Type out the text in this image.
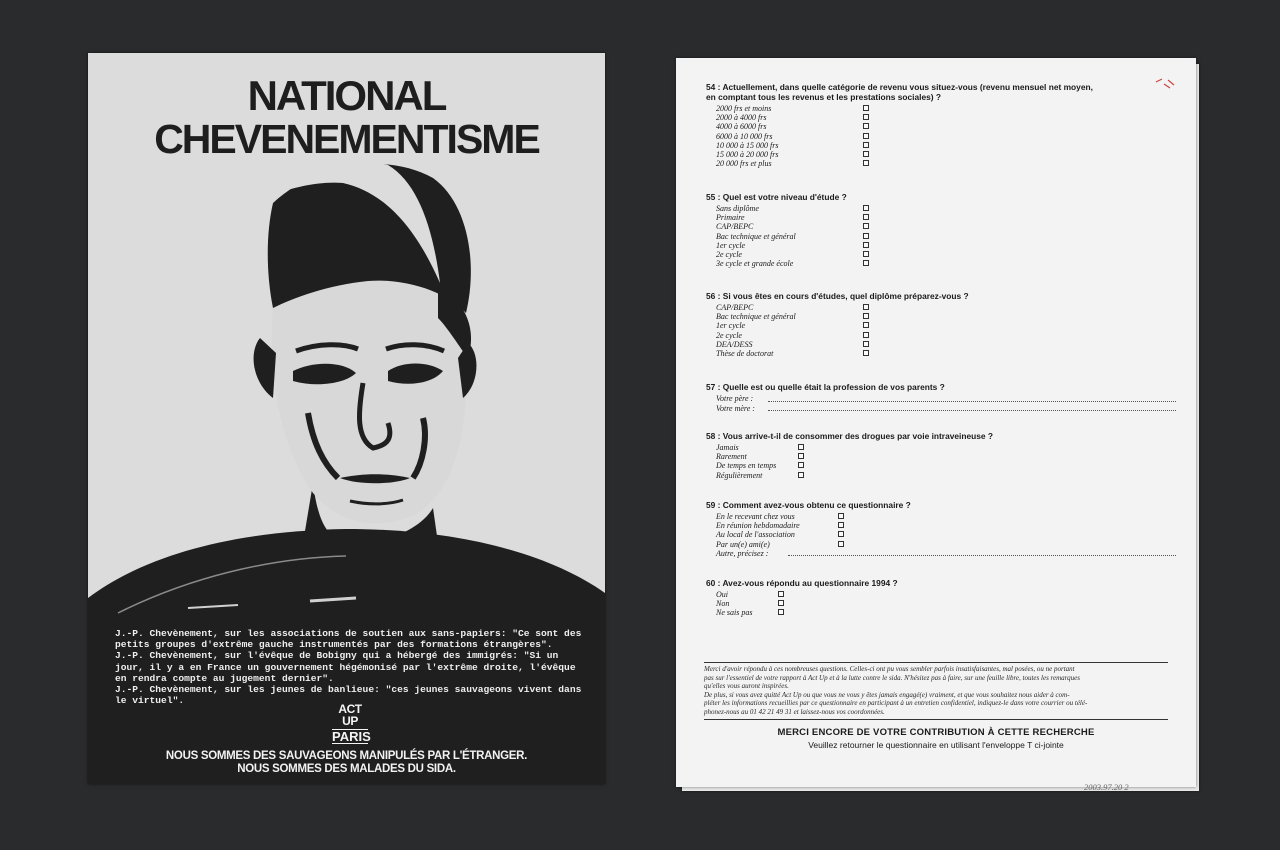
NATIONAL
CHEVENEMENTISME
J.-P. Chevènement, sur les associations de soutien aux sans-papiers: "Ce sont des petits groupes d'extrême gauche instrumentés par des formations étrangères".
J.-P. Chevènement, sur l'évêque de Bobigny qui a hébergé des immigrés: "Si un jour, il y a en France un gouvernement hégémonisé par l'extrême droite, l'évêque en rendra compte au jugement dernier".
J.-P. Chevènement, sur les jeunes de banlieue: "ces jeunes sauvageons vivent dans le virtuel".
ACT UP
PARIS
NOUS SOMMES DES SAUVAGEONS MANIPULÉS PAR L'ÉTRANGER.
NOUS SOMMES DES MALADES DU SIDA.
54 : Actuellement, dans quelle catégorie de revenu vous situez-vous (revenu mensuel net moyen,
en comptant tous les revenus et les prestations sociales) ?
2000 frs et moins
2000 à 4000 frs
4000 à 6000 frs
6000 à 10 000 frs
10 000 à 15 000 frs
15 000 à 20 000 frs
20 000 frs et plus
55 : Quel est votre niveau d'étude ?
Sans diplôme
Primaire
CAP/BEPC
Bac technique et général
1er cycle
2e cycle
3e cycle et grande école
56 : Si vous êtes en cours d'études, quel diplôme préparez-vous ?
CAP/BEPC
Bac technique et général
1er cycle
2e cycle
DEA/DESS
Thèse de doctorat
57 : Quelle est ou quelle était la profession de vos parents ?
Votre père :
Votre mère :
58 : Vous arrive-t-il de consommer des drogues par voie intraveineuse ?
Jamais
Rarement
De temps en temps
Régulièrement
59 : Comment avez-vous obtenu ce questionnaire ?
En le recevant chez vous
En réunion hebdomadaire
Au local de l'association
Par un(e) ami(e)
Autre, précisez :
60 : Avez-vous répondu au questionnaire 1994 ?
Oui
Non
Ne sais pas
Merci d'avoir répondu à ces nombreuses questions. Celles-ci ont pu vous sembler parfois insatisfaisantes, mal posées, ou ne portant
pas sur l'essentiel de votre rapport à Act Up et à la lutte contre le sida. N'hésitez pas à faire, sur une feuille libre, toutes les remarques
qu'elles vous auront inspirées.
De plus, si vous avez quitté Act Up ou que vous ne vous y êtes jamais engagé(e) vraiment, et que vous souhaitez nous aider à com-
pléter les informations recueillies par ce questionnaire en participant à un entretien confidentiel, indiquez-le dans votre courrier ou télé-
phonez-nous au 01 42 21 49 31 et laissez-nous vos coordonnées.
MERCI ENCORE DE VOTRE CONTRIBUTION À CETTE RECHERCHE
Veuillez retourner le questionnaire en utilisant l'enveloppe T ci-jointe
2003.97.20 2
